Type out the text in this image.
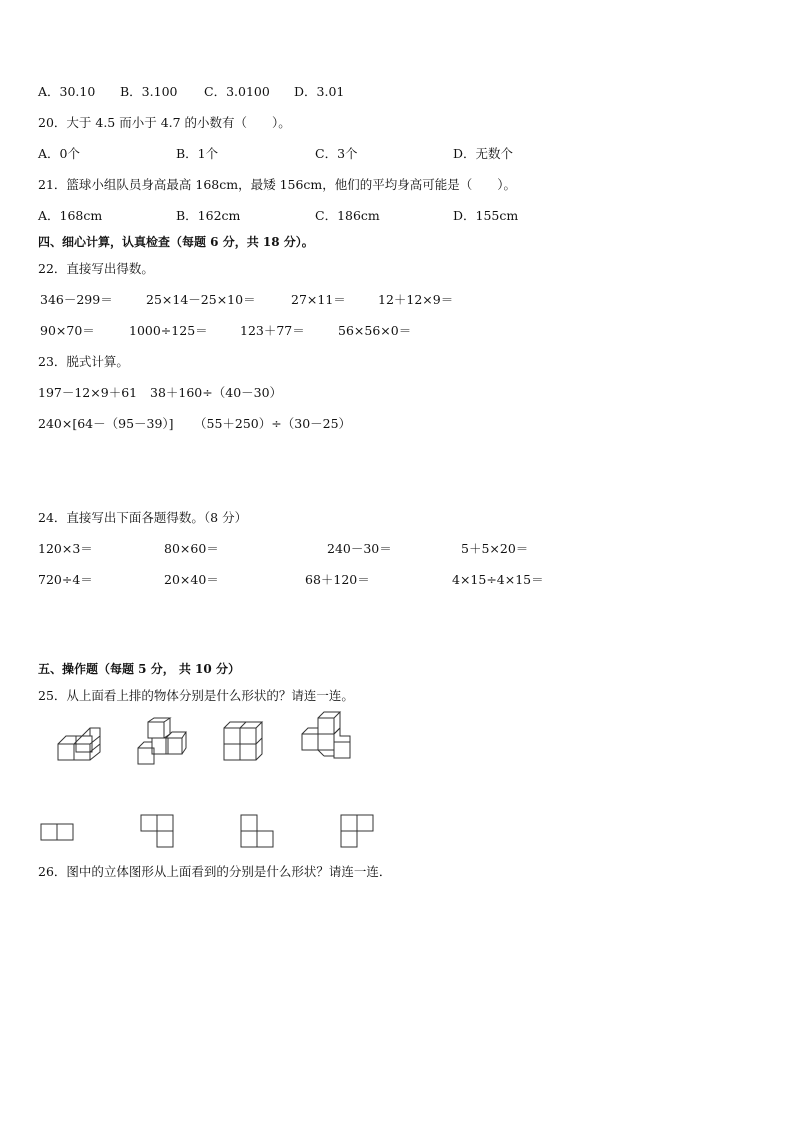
A．30.10 B．3.100 C．3.0100 D．3.01
20．大于 4.5 而小于 4.7 的小数有（　　）。
A．0个	B．1个	C．3个	D．无数个
21．篮球小组队员身高最高 168cm，最矮 156cm，他们的平均身高可能是（　　）。
A．168cm	B．162cm	C．186cm	D．155cm
四、细心计算，认真检查（每题 6 分，共 18 分）。
22．直接写出得数。
346－299＝	25×14－25×10＝	27×11＝	12＋12×9＝
90×70＝	1000÷125＝	123＋77＝	56×56×0＝
23．脱式计算。
197－12×9＋61 38＋160÷（40－30）
240×[64－（95－39）] （55＋250）÷（30－25）
24．直接写出下面各题得数。（8 分）
120×3＝	80×60＝	240－30＝	5＋5×20＝
720÷4＝	20×40＝	68＋120＝	4×15÷4×15＝
五、操作题（每题 5 分， 共 10 分）
25．从上面看上排的物体分别是什么形状的？请连一连。
26．图中的立体图形从上面看到的分别是什么形状？请连一连．
